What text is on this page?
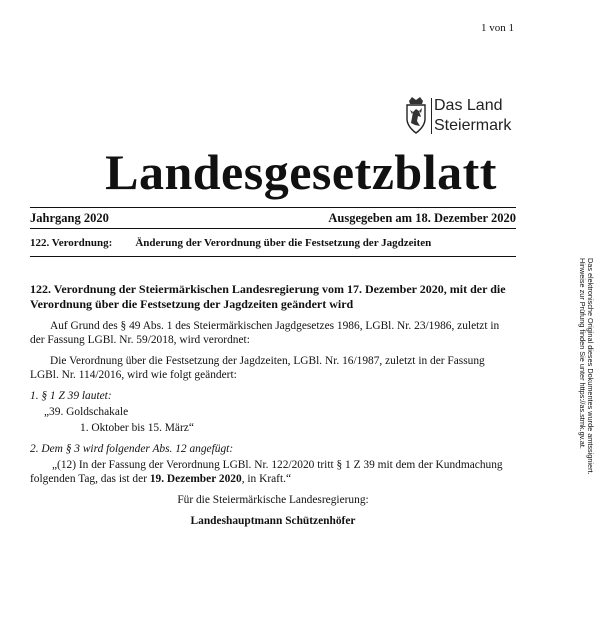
1 von 1
Das Land
Steiermark
Landesgesetzblatt
Jahrgang 2020	Ausgegeben am 18. Dezember 2020
122. Verordnung: Änderung der Verordnung über die Festsetzung der Jagdzeiten

122. Verordnung der Steiermärkischen Landesregierung vom 17. Dezember 2020, mit der die Verordnung über die Festsetzung der Jagdzeiten geändert wird

Auf Grund des § 49 Abs. 1 des Steiermärkischen Jagdgesetzes 1986, LGBl. Nr. 23/1986, zuletzt in der Fassung LGBl. Nr. 59/2018, wird verordnet:

Die Verordnung über die Festsetzung der Jagdzeiten, LGBl. Nr. 16/1987, zuletzt in der Fassung LGBl. Nr. 114/2016, wird wie folgt geändert:

1. § 1 Z 39 lautet:

„39. Goldschakale

1. Oktober bis 15. März“

2. Dem § 3 wird folgender Abs. 12 angefügt:

„(12) In der Fassung der Verordnung LGBl. Nr. 122/2020 tritt § 1 Z 39 mit dem der Kundmachung folgenden Tag, das ist der 19. Dezember 2020, in Kraft.“

Für die Steiermärkische Landesregierung:

Landeshauptmann Schützenhöfer

Das elektronische Original dieses Dokumentes wurde amtssigniert.
Hinweise zur Prüfung finden Sie unter https://as.stmk.gv.at.
